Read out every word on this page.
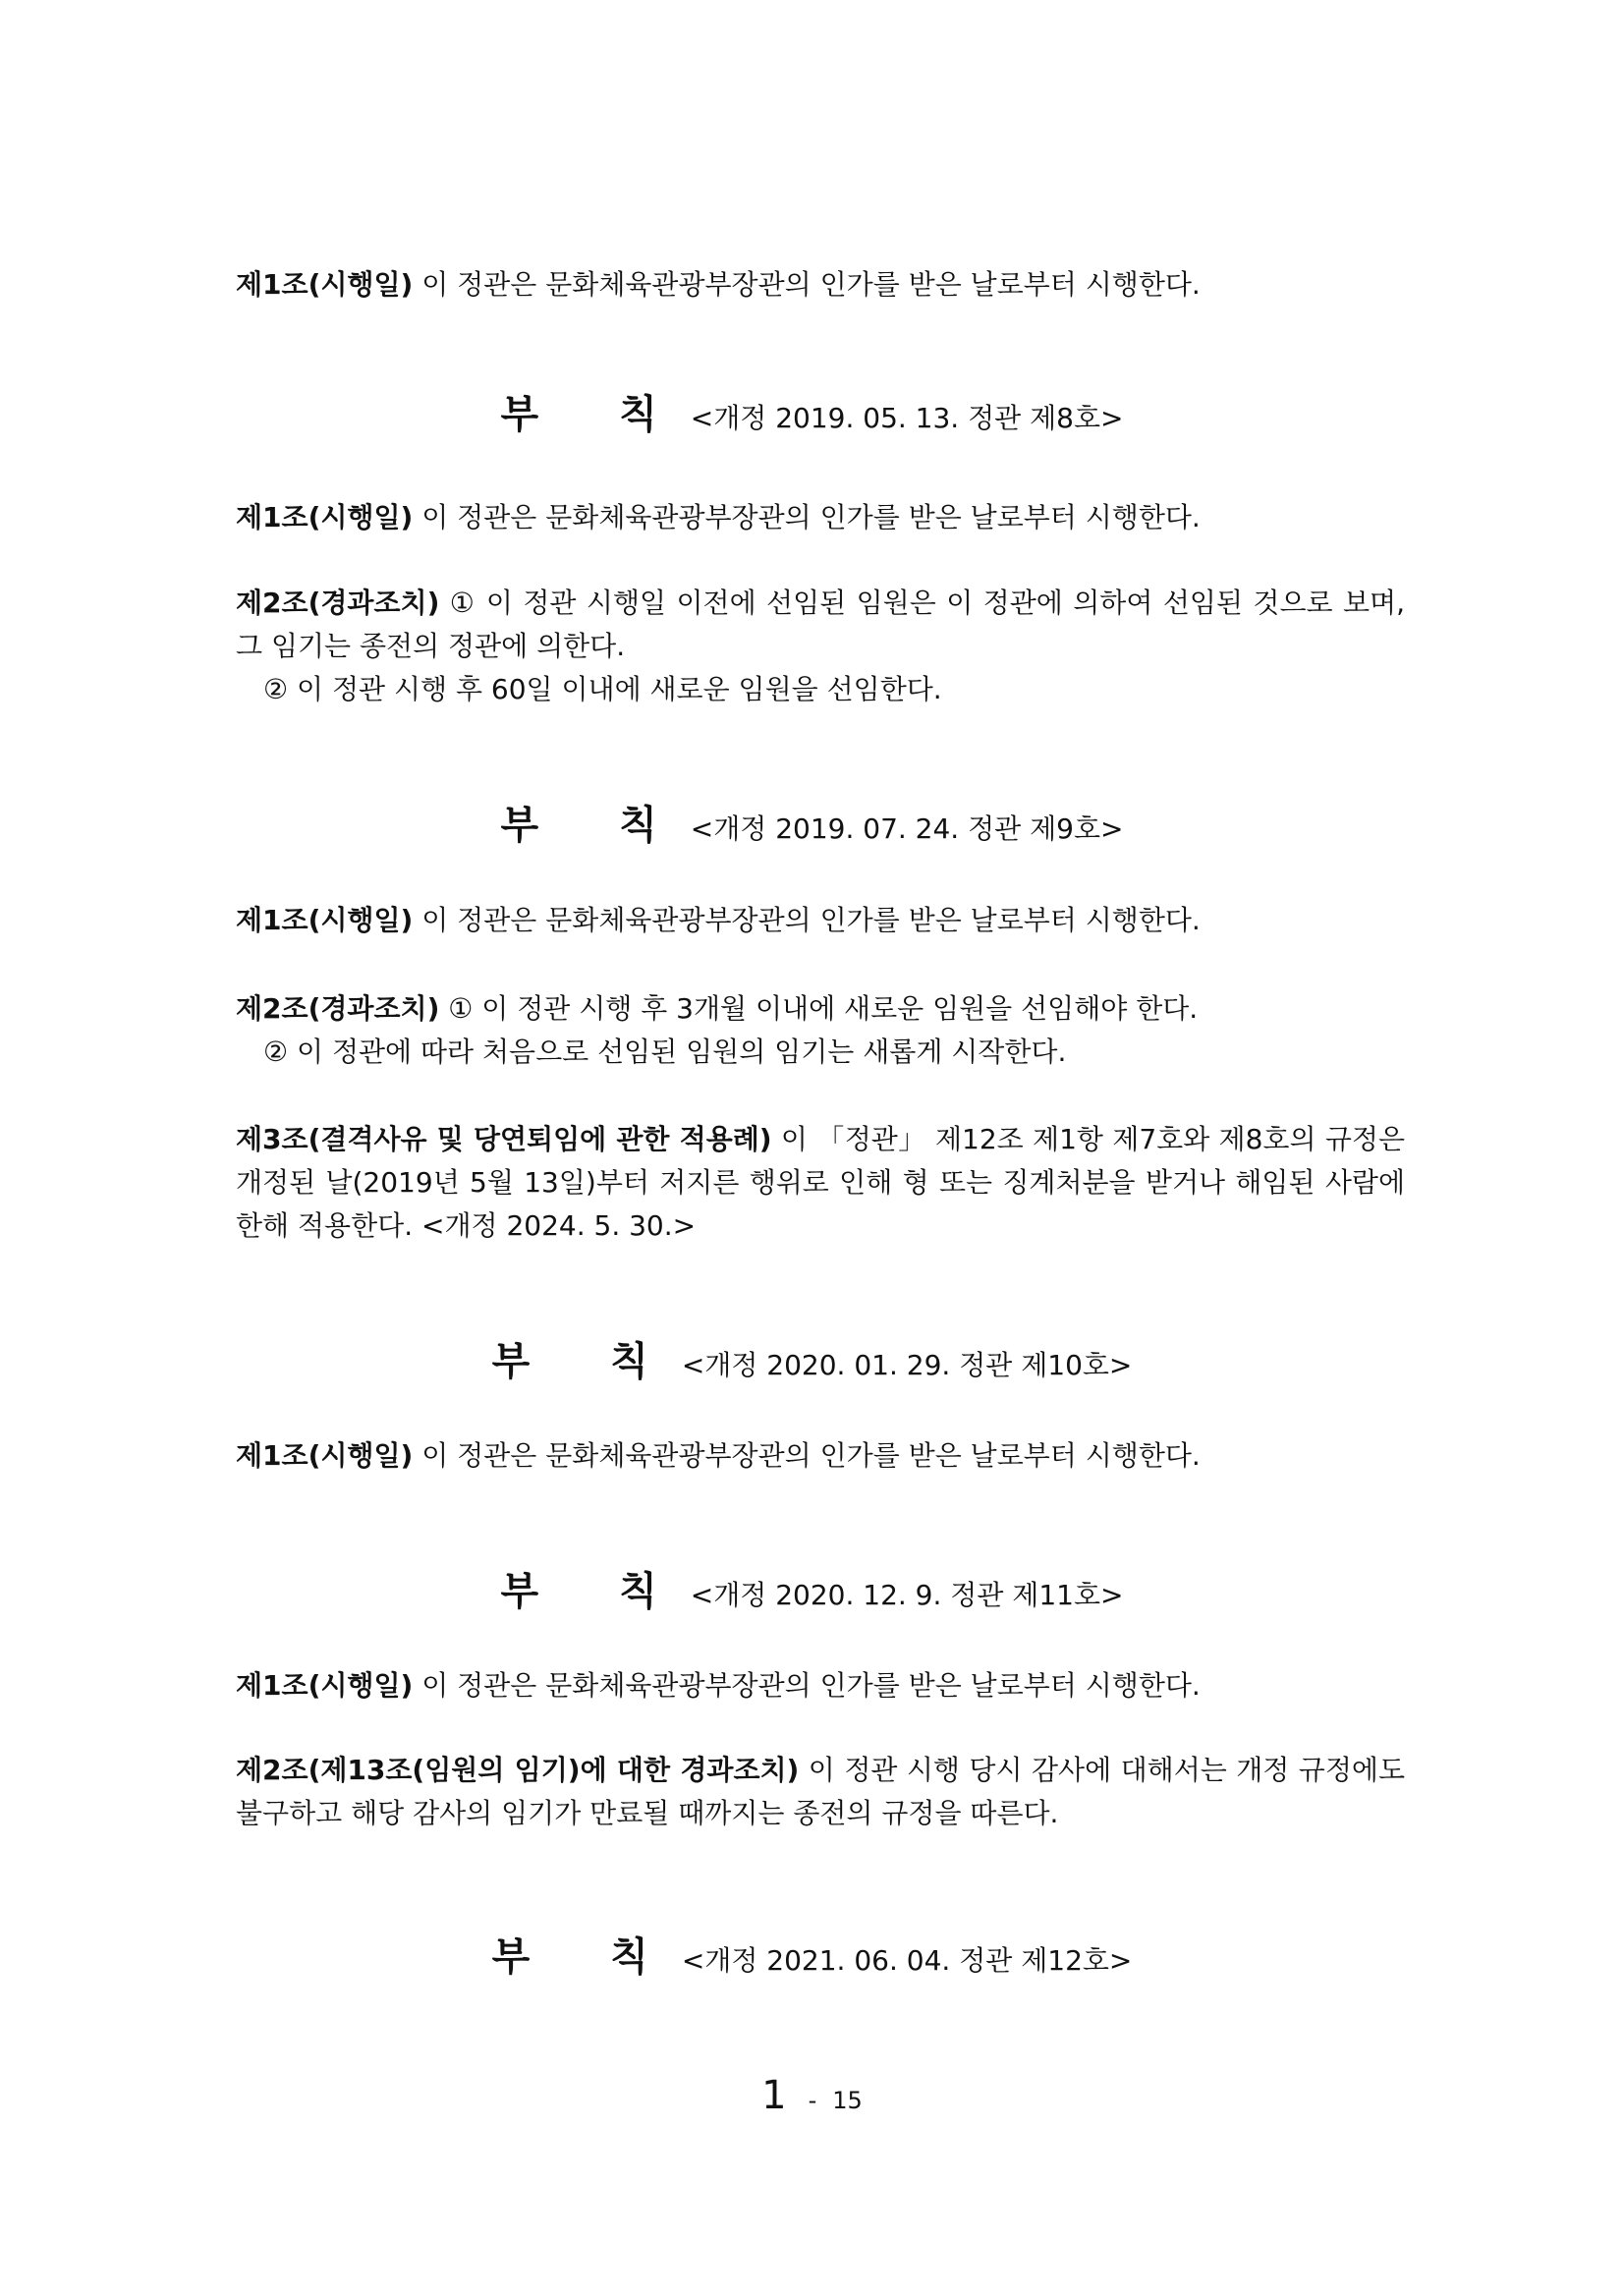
제1조(시행일) 이 정관은 문화체육관광부장관의 인가를 받은 날로부터 시행한다.
부 칙<개정 2019. 05. 13. 정관 제8호>
제1조(시행일) 이 정관은 문화체육관광부장관의 인가를 받은 날로부터 시행한다.
제2조(경과조치) ① 이 정관 시행일 이전에 선임된 임원은 이 정관에 의하여 선임된 것으로 보며, 그 임기는 종전의 정관에 의한다.
② 이 정관 시행 후 60일 이내에 새로운 임원을 선임한다.
부 칙<개정 2019. 07. 24. 정관 제9호>
제1조(시행일) 이 정관은 문화체육관광부장관의 인가를 받은 날로부터 시행한다.
제2조(경과조치) ① 이 정관 시행 후 3개월 이내에 새로운 임원을 선임해야 한다.
② 이 정관에 따라 처음으로 선임된 임원의 임기는 새롭게 시작한다.
제3조(결격사유 및 당연퇴임에 관한 적용례) 이 「정관」 제12조 제1항 제7호와 제8호의 규정은 개정된 날(2019년 5월 13일)부터 저지른 행위로 인해 형 또는 징계처분을 받거나 해임된 사람에 한해 적용한다. <개정 2024. 5. 30.>
부 칙<개정 2020. 01. 29. 정관 제10호>
제1조(시행일) 이 정관은 문화체육관광부장관의 인가를 받은 날로부터 시행한다.
부 칙<개정 2020. 12. 9. 정관 제11호>
제1조(시행일) 이 정관은 문화체육관광부장관의 인가를 받은 날로부터 시행한다.
제2조(제13조(임원의 임기)에 대한 경과조치) 이 정관 시행 당시 감사에 대해서는 개정 규정에도 불구하고 해당 감사의 임기가 만료될 때까지는 종전의 규정을 따른다.
부 칙<개정 2021. 06. 04. 정관 제12호>
1 - 15
